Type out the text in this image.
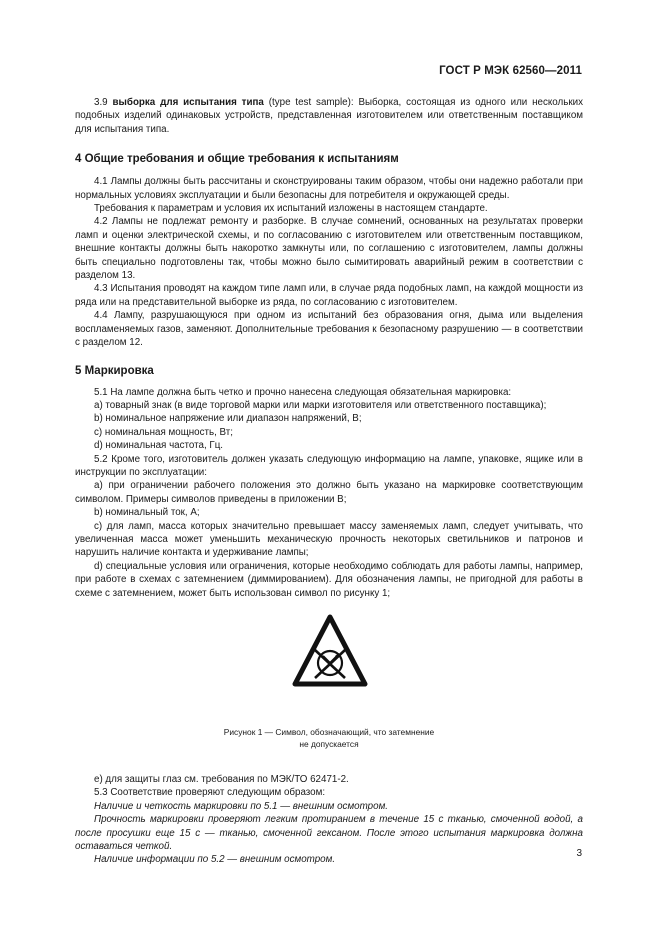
ГОСТ Р МЭК 62560—2011

3.9 выборка для испытания типа (type test sample): Выборка, состоящая из одного или нескольких подобных изделий одинаковых устройств, представленная изготовителем или ответственным поставщиком для испытания типа.

4 Общие требования и общие требования к испытаниям

4.1 Лампы должны быть рассчитаны и сконструированы таким образом, чтобы они надежно работали при нормальных условиях эксплуатации и были безопасны для потребителя и окружающей среды.

Требования к параметрам и условия их испытаний изложены в настоящем стандарте.

4.2 Лампы не подлежат ремонту и разборке. В случае сомнений, основанных на результатах проверки ламп и оценки электрической схемы, и по согласованию с изготовителем или ответственным поставщиком, внешние контакты должны быть накоротко замкнуты или, по соглашению с изготовителем, лампы должны быть специально подготовлены так, чтобы можно было сымитировать аварийный режим в соответствии с разделом 13.

4.3 Испытания проводят на каждом типе ламп или, в случае ряда подобных ламп, на каждой мощности из ряда или на представительной выборке из ряда, по согласованию с изготовителем.

4.4 Лампу, разрушающуюся при одном из испытаний без образования огня, дыма или выделения воспламеняемых газов, заменяют. Дополнительные требования к безопасному разрушению — в соответствии с разделом 12.

5 Маркировка

5.1 На лампе должна быть четко и прочно нанесена следующая обязательная маркировка:

a) товарный знак (в виде торговой марки или марки изготовителя или ответственного поставщика);

b) номинальное напряжение или диапазон напряжений, В;

c) номинальная мощность, Вт;

d) номинальная частота, Гц.

5.2 Кроме того, изготовитель должен указать следующую информацию на лампе, упаковке, ящике или в инструкции по эксплуатации:

a) при ограничении рабочего положения это должно быть указано на маркировке соответствующим символом. Примеры символов приведены в приложении В;

b) номинальный ток, А;

c) для ламп, масса которых значительно превышает массу заменяемых ламп, следует учитывать, что увеличенная масса может уменьшить механическую прочность некоторых светильников и патронов и нарушить наличие контакта и удерживание лампы;

d) специальные условия или ограничения, которые необходимо соблюдать для работы лампы, например, при работе в схемах с затемнением (диммированием). Для обозначения лампы, не пригодной для работы в схеме с затемнением, может быть использован символ по рисунку 1;

Рисунок 1 — Символ, обозначающий, что затемнение

не допускается

e) для защиты глаз см. требования по МЭК/ТО 62471-2.

5.3 Соответствие проверяют следующим образом:

Наличие и четкость маркировки по 5.1 — внешним осмотром.

Прочность маркировки проверяют легким протиранием в течение 15 с тканью, смоченной водой, а после просушки еще 15 с — тканью, смоченной гексаном. После этого испытания маркировка должна оставаться четкой.

Наличие информации по 5.2 — внешним осмотром.

3
